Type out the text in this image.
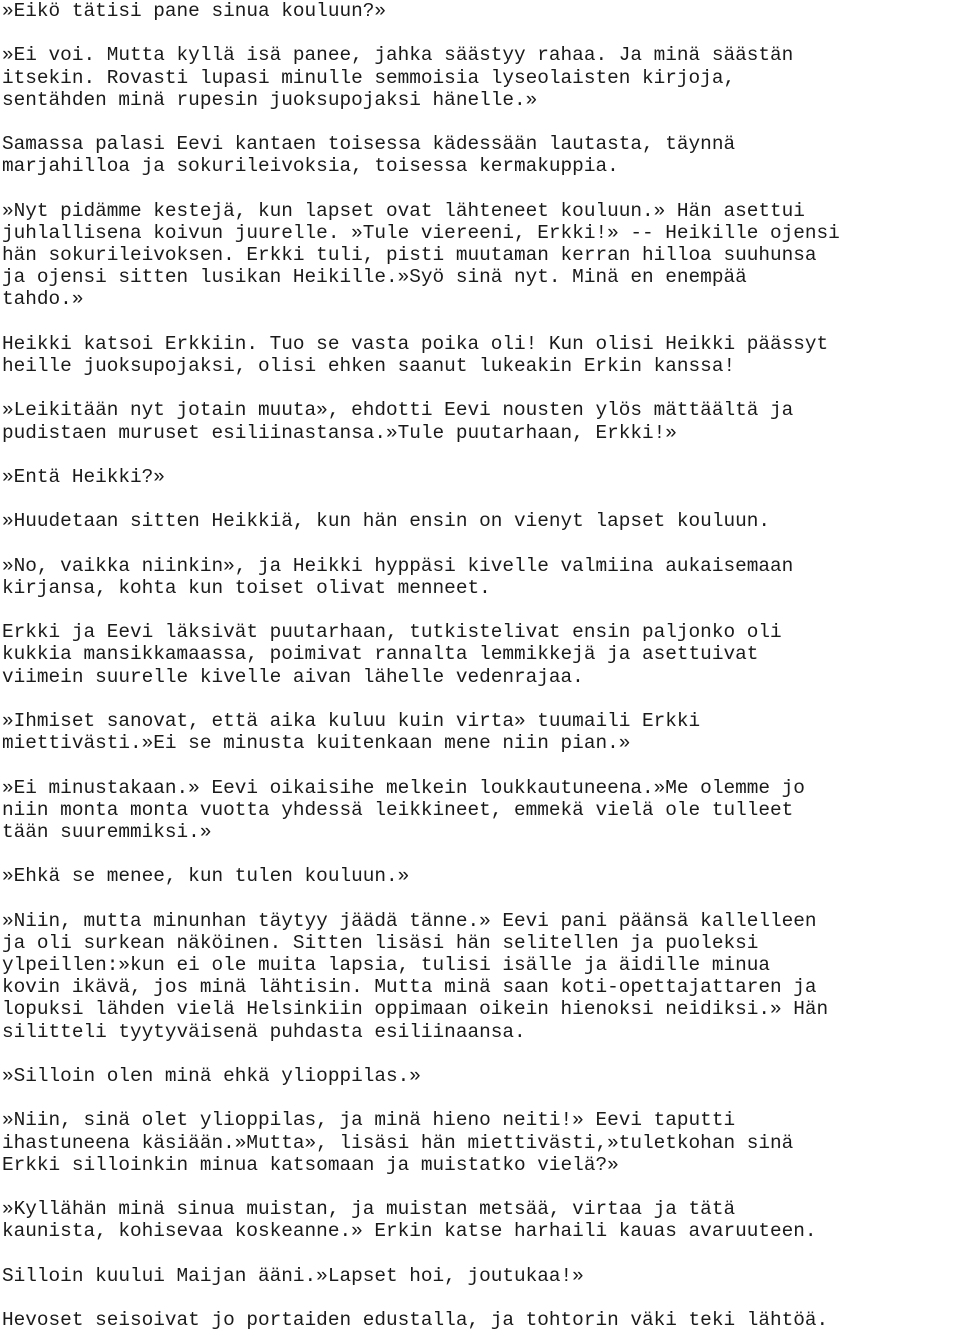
»Eikö tätisi pane sinua kouluun?»
»Ei voi. Mutta kyllä isä panee, jahka säästyy rahaa. Ja minä säästän
itsekin. Rovasti lupasi minulle semmoisia lyseolaisten kirjoja,
sentähden minä rupesin juoksupojaksi hänelle.»
Samassa palasi Eevi kantaen toisessa kädessään lautasta, täynnä
marjahilloa ja sokurileivoksia, toisessa kermakuppia.
»Nyt pidämme kestejä, kun lapset ovat lähteneet kouluun.» Hän asettui
juhlallisena koivun juurelle. »Tule viereeni, Erkki!» -- Heikille ojensi
hän sokurileivoksen. Erkki tuli, pisti muutaman kerran hilloa suuhunsa
ja ojensi sitten lusikan Heikille.»Syö sinä nyt. Minä en enempää
tahdo.»
Heikki katsoi Erkkiin. Tuo se vasta poika oli! Kun olisi Heikki päässyt
heille juoksupojaksi, olisi ehken saanut lukeakin Erkin kanssa!
»Leikitään nyt jotain muuta», ehdotti Eevi nousten ylös mättäältä ja
pudistaen muruset esiliinastansa.»Tule puutarhaan, Erkki!»
»Entä Heikki?»
»Huudetaan sitten Heikkiä, kun hän ensin on vienyt lapset kouluun.
»No, vaikka niinkin», ja Heikki hyppäsi kivelle valmiina aukaisemaan
kirjansa, kohta kun toiset olivat menneet.
Erkki ja Eevi läksivät puutarhaan, tutkistelivat ensin paljonko oli
kukkia mansikkamaassa, poimivat rannalta lemmikkejä ja asettuivat
viimein suurelle kivelle aivan lähelle vedenrajaa.
»Ihmiset sanovat, että aika kuluu kuin virta» tuumaili Erkki
miettivästi.»Ei se minusta kuitenkaan mene niin pian.»
»Ei minustakaan.» Eevi oikaisihe melkein loukkautuneena.»Me olemme jo
niin monta monta vuotta yhdessä leikkineet, emmekä vielä ole tulleet
tään suuremmiksi.»
»Ehkä se menee, kun tulen kouluun.»
»Niin, mutta minunhan täytyy jäädä tänne.» Eevi pani päänsä kallelleen
ja oli surkean näköinen. Sitten lisäsi hän selitellen ja puoleksi
ylpeillen:»kun ei ole muita lapsia, tulisi isälle ja äidille minua
kovin ikävä, jos minä lähtisin. Mutta minä saan koti-opettajattaren ja
lopuksi lähden vielä Helsinkiin oppimaan oikein hienoksi neidiksi.» Hän
silitteli tyytyväisenä puhdasta esiliinaansa.
»Silloin olen minä ehkä ylioppilas.»
»Niin, sinä olet ylioppilas, ja minä hieno neiti!» Eevi taputti
ihastuneena käsiään.»Mutta», lisäsi hän miettivästi,»tuletkohan sinä
Erkki silloinkin minua katsomaan ja muistatko vielä?»
»Kyllähän minä sinua muistan, ja muistan metsää, virtaa ja tätä
kaunista, kohisevaa koskeanne.» Erkin katse harhaili kauas avaruuteen.
Silloin kuului Maijan ääni.»Lapset hoi, joutukaa!»
Hevoset seisoivat jo portaiden edustalla, ja tohtorin väki teki lähtöä.
